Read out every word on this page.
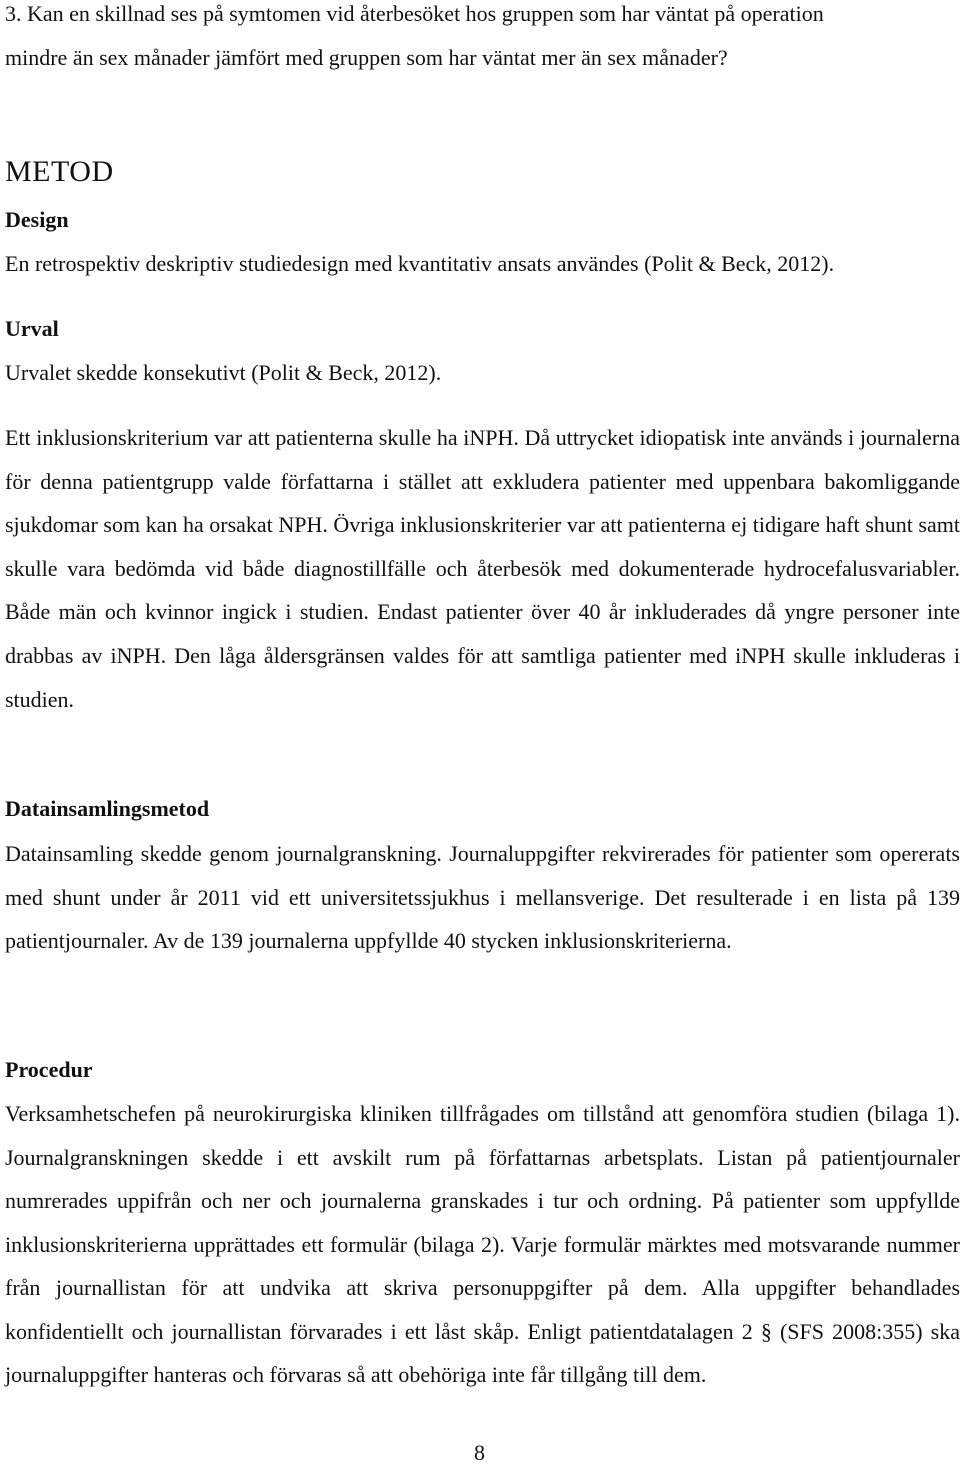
3. Kan en skillnad ses på symtomen vid återbesöket hos gruppen som har väntat på operation
mindre än sex månader jämfört med gruppen som har väntat mer än sex månader?
METOD
Design
En retrospektiv deskriptiv studiedesign med kvantitativ ansats användes (Polit & Beck, 2012).
Urval
Urvalet skedde konsekutivt (Polit & Beck, 2012).
Ett inklusionskriterium var att patienterna skulle ha iNPH. Då uttrycket idiopatisk inte används i journalerna för denna patientgrupp valde författarna i stället att exkludera patienter med uppenbara bakomliggande sjukdomar som kan ha orsakat NPH. Övriga inklusionskriterier var att patienterna ej tidigare haft shunt samt skulle vara bedömda vid både diagnostillfälle och återbesök med dokumenterade hydrocefalusvariabler. Både män och kvinnor ingick i studien. Endast patienter över 40 år inkluderades då yngre personer inte drabbas av iNPH. Den låga åldersgränsen valdes för att samtliga patienter med iNPH skulle inkluderas i studien.
Datainsamlingsmetod
Datainsamling skedde genom journalgranskning. Journaluppgifter rekvirerades för patienter som opererats med shunt under år 2011 vid ett universitetssjukhus i mellansverige. Det resulterade i en lista på 139 patientjournaler. Av de 139 journalerna uppfyllde 40 stycken inklusionskriterierna.
Procedur
Verksamhetschefen på neurokirurgiska kliniken tillfrågades om tillstånd att genomföra studien (bilaga 1). Journalgranskningen skedde i ett avskilt rum på författarnas arbetsplats. Listan på patientjournaler numrerades uppifrån och ner och journalerna granskades i tur och ordning. På patienter som uppfyllde inklusionskriterierna upprättades ett formulär (bilaga 2). Varje formulär märktes med motsvarande nummer från journallistan för att undvika att skriva personuppgifter på dem. Alla uppgifter behandlades konfidentiellt och journallistan förvarades i ett låst skåp. Enligt patientdatalagen 2 § (SFS 2008:355) ska journaluppgifter hanteras och förvaras så att obehöriga inte får tillgång till dem.
8
